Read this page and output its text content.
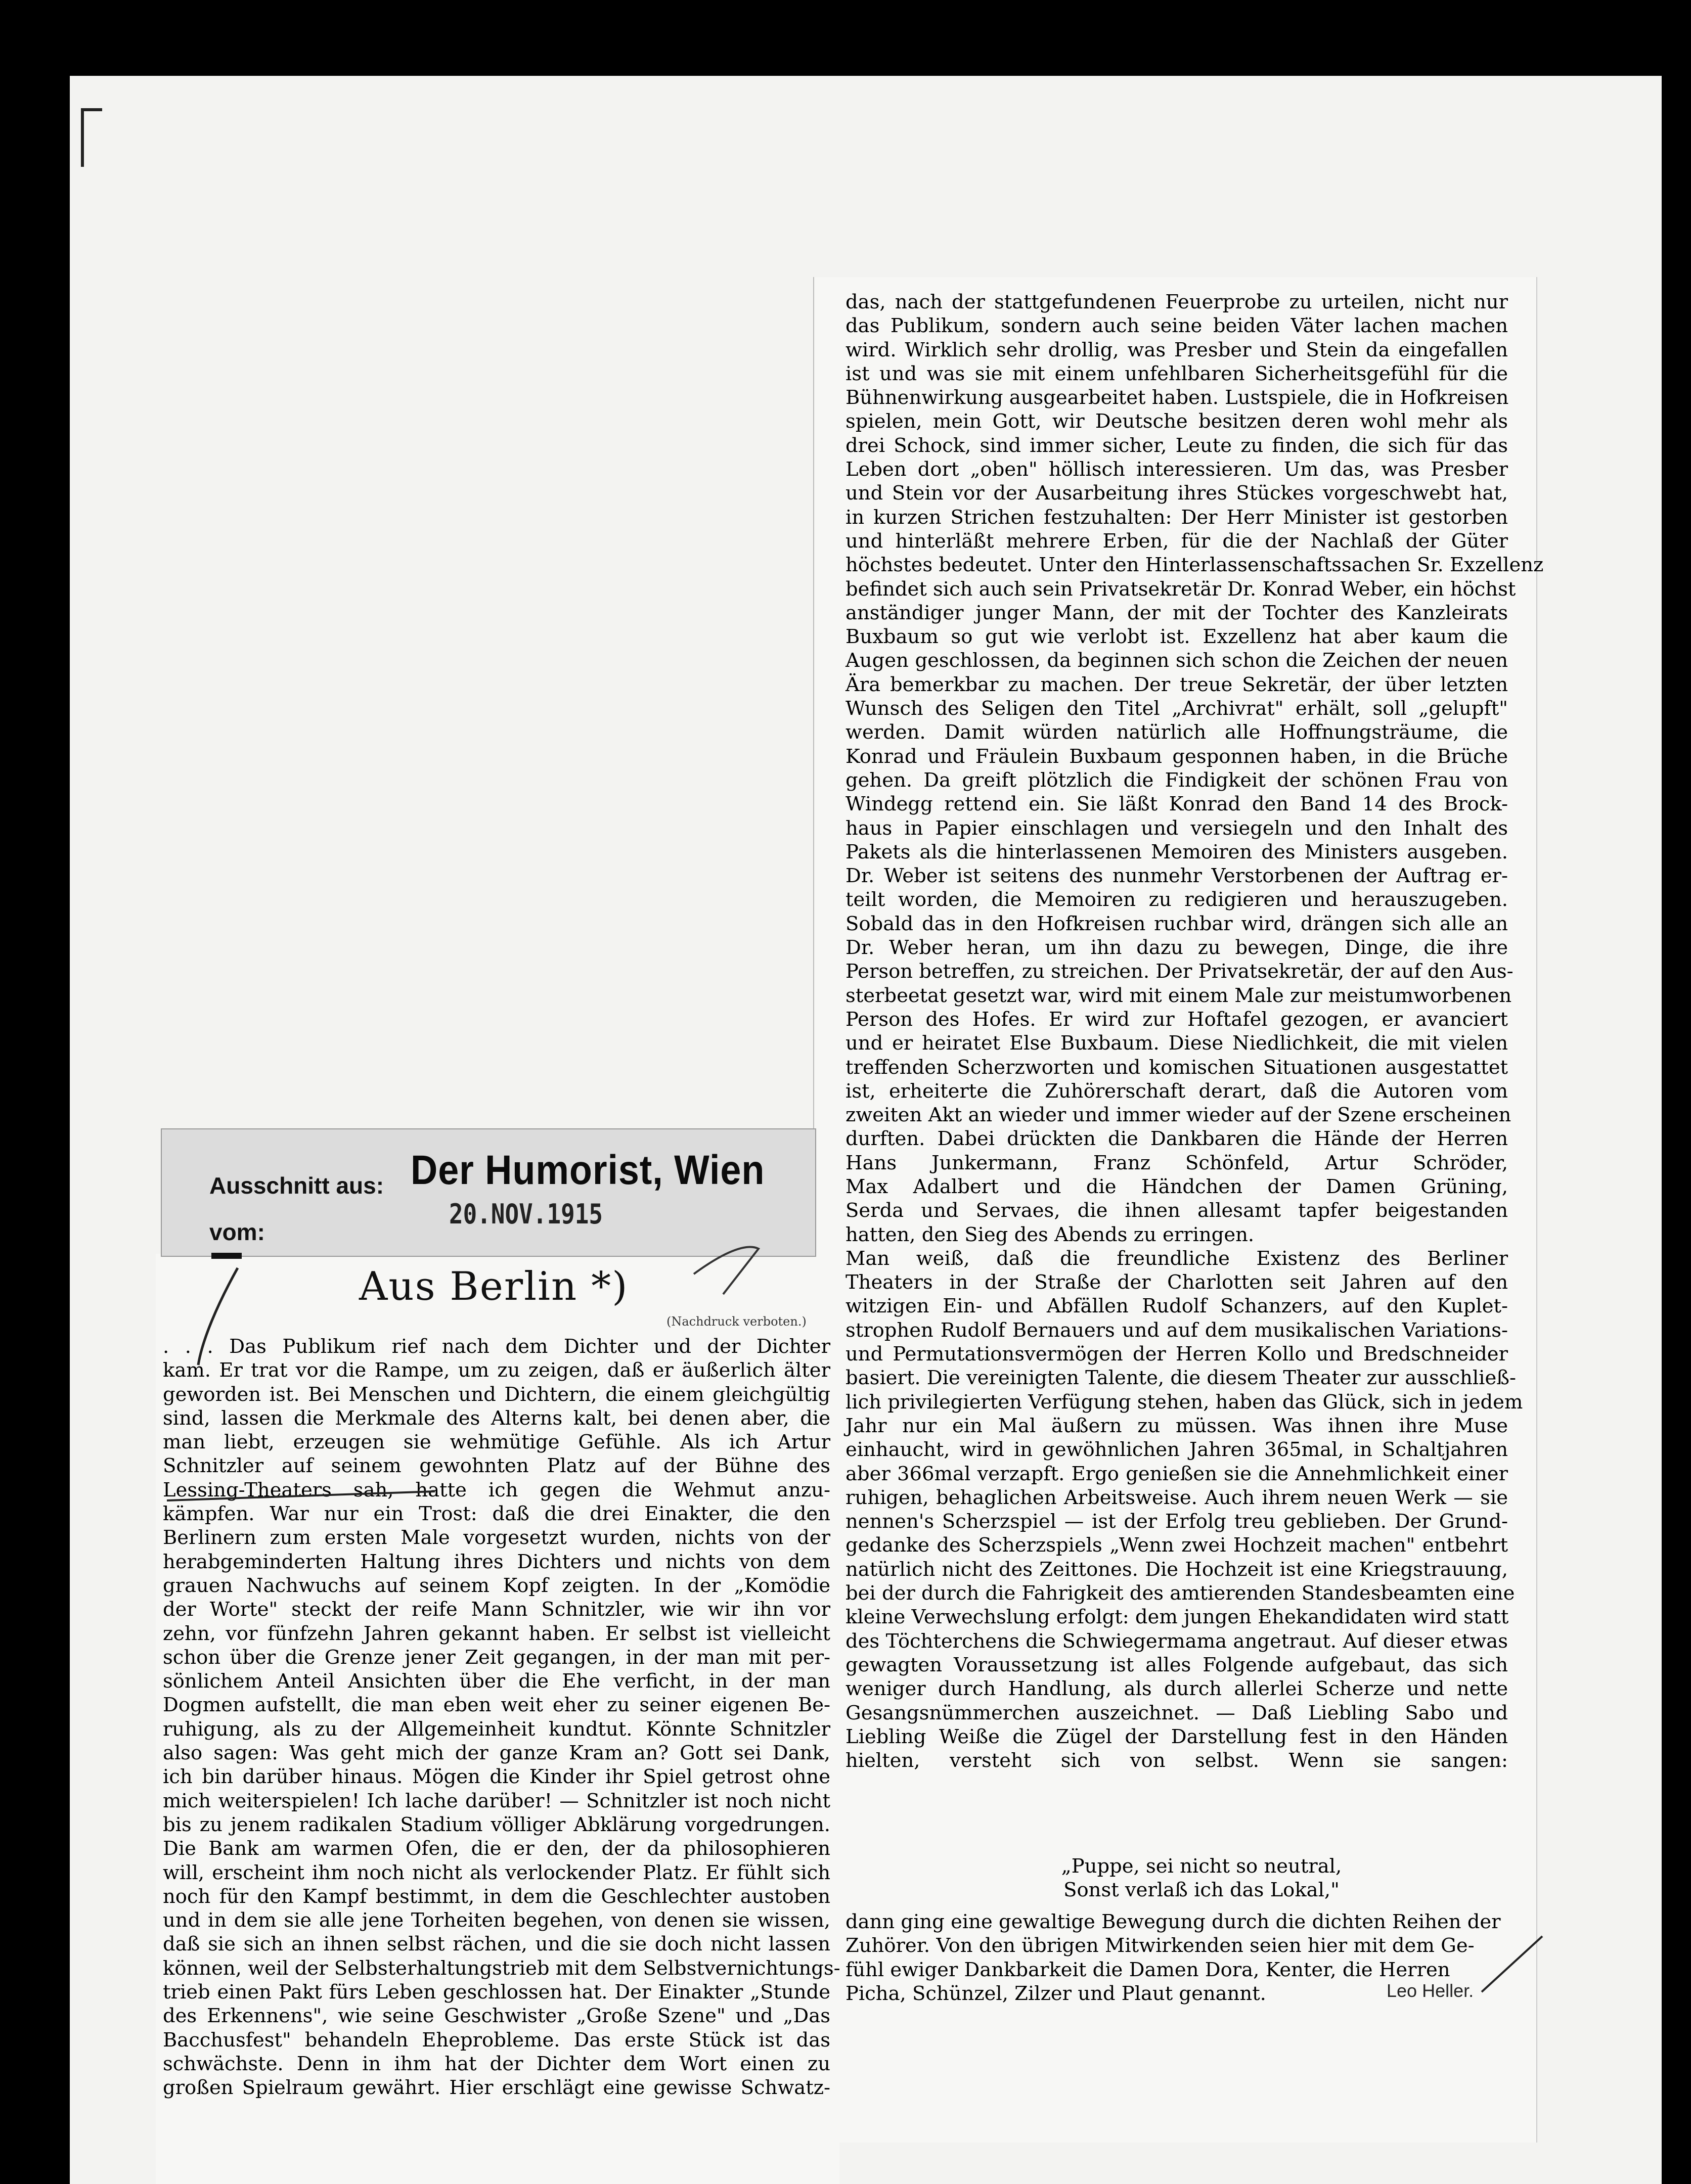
das, nach der stattgefundenen Feuerprobe zu urteilen, nicht nur
das Publikum, sondern auch seine beiden Väter lachen machen
wird. Wirklich sehr drollig, was Presber und Stein da eingefallen
ist und was sie mit einem unfehlbaren Sicherheitsgefühl für die
Bühnenwirkung ausgearbeitet haben. Lustspiele, die in Hofkreisen
spielen, mein Gott, wir Deutsche besitzen deren wohl mehr als
drei Schock, sind immer sicher, Leute zu finden, die sich für das
Leben dort „oben" höllisch interessieren. Um das, was Presber
und Stein vor der Ausarbeitung ihres Stückes vorgeschwebt hat,
in kurzen Strichen festzuhalten: Der Herr Minister ist gestorben
und hinterläßt mehrere Erben, für die der Nachlaß der Güter
höchstes bedeutet. Unter den Hinterlassenschaftssachen Sr. Exzellenz
befindet sich auch sein Privatsekretär Dr. Konrad Weber, ein höchst
anständiger junger Mann, der mit der Tochter des Kanzleirats
Buxbaum so gut wie verlobt ist. Exzellenz hat aber kaum die
Augen geschlossen, da beginnen sich schon die Zeichen der neuen
Ära bemerkbar zu machen. Der treue Sekretär, der über letzten
Wunsch des Seligen den Titel „Archivrat" erhält, soll „gelupft"
werden. Damit würden natürlich alle Hoffnungsträume, die
Konrad und Fräulein Buxbaum gesponnen haben, in die Brüche
gehen. Da greift plötzlich die Findigkeit der schönen Frau von
Windegg rettend ein. Sie läßt Konrad den Band 14 des Brock-
haus in Papier einschlagen und versiegeln und den Inhalt des
Pakets als die hinterlassenen Memoiren des Ministers ausgeben.
Dr. Weber ist seitens des nunmehr Verstorbenen der Auftrag er-
teilt worden, die Memoiren zu redigieren und herauszugeben.
Sobald das in den Hofkreisen ruchbar wird, drängen sich alle an
Dr. Weber heran, um ihn dazu zu bewegen, Dinge, die ihre
Person betreffen, zu streichen. Der Privatsekretär, der auf den Aus-
sterbeetat gesetzt war, wird mit einem Male zur meistumworbenen
Person des Hofes. Er wird zur Hoftafel gezogen, er avanciert
und er heiratet Else Buxbaum. Diese Niedlichkeit, die mit vielen
treffenden Scherzworten und komischen Situationen ausgestattet
ist, erheiterte die Zuhörerschaft derart, daß die Autoren vom
zweiten Akt an wieder und immer wieder auf der Szene erscheinen
durften. Dabei drückten die Dankbaren die Hände der Herren
Hans Junkermann, Franz Schönfeld, Artur Schröder,
Max Adalbert und die Händchen der Damen Grüning,
Serda und Servaes, die ihnen allesamt tapfer beigestanden
hatten, den Sieg des Abends zu erringen.
Man weiß, daß die freundliche Existenz des Berliner
Theaters in der Straße der Charlotten seit Jahren auf den
witzigen Ein- und Abfällen Rudolf Schanzers, auf den Kuplet-
strophen Rudolf Bernauers und auf dem musikalischen Variations-
und Permutationsvermögen der Herren Kollo und Bredschneider
basiert. Die vereinigten Talente, die diesem Theater zur ausschließ-
lich privilegierten Verfügung stehen, haben das Glück, sich in jedem
Jahr nur ein Mal äußern zu müssen. Was ihnen ihre Muse
einhaucht, wird in gewöhnlichen Jahren 365mal, in Schaltjahren
aber 366mal verzapft. Ergo genießen sie die Annehmlichkeit einer
ruhigen, behaglichen Arbeitsweise. Auch ihrem neuen Werk — sie
nennen's Scherzspiel — ist der Erfolg treu geblieben. Der Grund-
gedanke des Scherzspiels „Wenn zwei Hochzeit machen" entbehrt
natürlich nicht des Zeittones. Die Hochzeit ist eine Kriegstrauung,
bei der durch die Fahrigkeit des amtierenden Standesbeamten eine
kleine Verwechslung erfolgt: dem jungen Ehekandidaten wird statt
des Töchterchens die Schwiegermama angetraut. Auf dieser etwas
gewagten Voraussetzung ist alles Folgende aufgebaut, das sich
weniger durch Handlung, als durch allerlei Scherze und nette
Gesangsnümmerchen auszeichnet. — Daß Liebling Sabo und
Liebling Weiße die Zügel der Darstellung fest in den Händen
hielten, versteht sich von selbst. Wenn sie sangen:
„Puppe, sei nicht so neutral,
Sonst verlaß ich das Lokal,"
dann ging eine gewaltige Bewegung durch die dichten Reihen der
Zuhörer. Von den übrigen Mitwirkenden seien hier mit dem Ge-
fühl ewiger Dankbarkeit die Damen Dora, Kenter, die Herren
Picha, Schünzel, Zilzer und Plaut genannt.	Leo Heller.
Ausschnitt aus: Der Humorist, Wien
vom:
20.NOV.1915
Aus Berlin *)
(Nachdruck verboten.)
. . . Das Publikum rief nach dem Dichter und der Dichter
kam. Er trat vor die Rampe, um zu zeigen, daß er äußerlich älter
geworden ist. Bei Menschen und Dichtern, die einem gleichgültig
sind, lassen die Merkmale des Alterns kalt, bei denen aber, die
man liebt, erzeugen sie wehmütige Gefühle. Als ich Artur
Schnitzler auf seinem gewohnten Platz auf der Bühne des
Lessing-Theaters sah, hatte ich gegen die Wehmut anzu-
kämpfen. War nur ein Trost: daß die drei Einakter, die den
Berlinern zum ersten Male vorgesetzt wurden, nichts von der
herabgeminderten Haltung ihres Dichters und nichts von dem
grauen Nachwuchs auf seinem Kopf zeigten. In der „Komödie
der Worte" steckt der reife Mann Schnitzler, wie wir ihn vor
zehn, vor fünfzehn Jahren gekannt haben. Er selbst ist vielleicht
schon über die Grenze jener Zeit gegangen, in der man mit per-
sönlichem Anteil Ansichten über die Ehe verficht, in der man
Dogmen aufstellt, die man eben weit eher zu seiner eigenen Be-
ruhigung, als zu der Allgemeinheit kundtut. Könnte Schnitzler
also sagen: Was geht mich der ganze Kram an? Gott sei Dank,
ich bin darüber hinaus. Mögen die Kinder ihr Spiel getrost ohne
mich weiterspielen! Ich lache darüber! — Schnitzler ist noch nicht
bis zu jenem radikalen Stadium völliger Abklärung vorgedrungen.
Die Bank am warmen Ofen, die er den, der da philosophieren
will, erscheint ihm noch nicht als verlockender Platz. Er fühlt sich
noch für den Kampf bestimmt, in dem die Geschlechter austoben
und in dem sie alle jene Torheiten begehen, von denen sie wissen,
daß sie sich an ihnen selbst rächen, und die sie doch nicht lassen
können, weil der Selbsterhaltungstrieb mit dem Selbstvernichtungs-
trieb einen Pakt fürs Leben geschlossen hat. Der Einakter „Stunde
des Erkennens", wie seine Geschwister „Große Szene" und „Das
Bacchusfest" behandeln Eheprobleme. Das erste Stück ist das
schwächste. Denn in ihm hat der Dichter dem Wort einen zu
großen Spielraum gewährt. Hier erschlägt eine gewisse Schwatz-
